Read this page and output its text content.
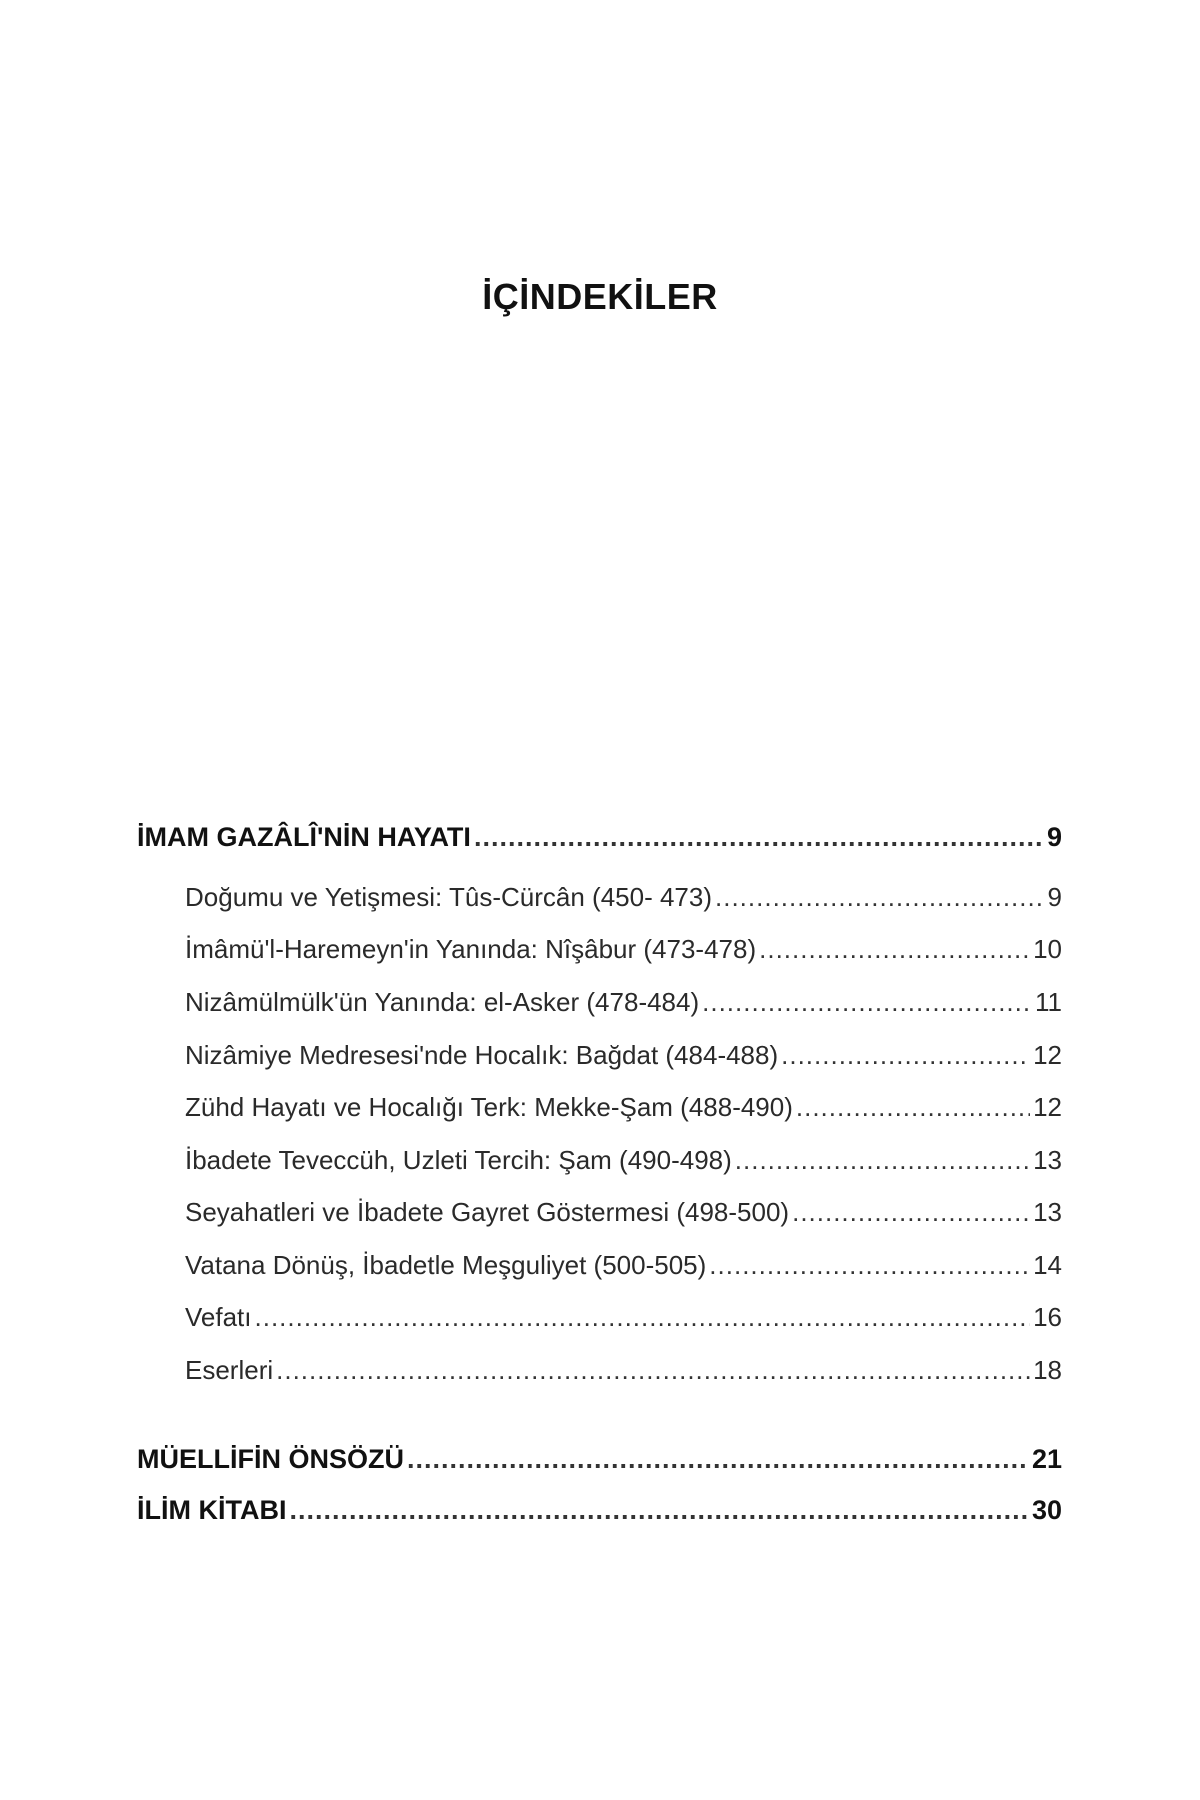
İÇİNDEKİLER
İMAM GAZÂLÎ'NİN HAYATI .....	9
Doğumu ve Yetişmesi: Tûs-Cürcân (450- 473) .....	9
İmâmü'l-Haremeyn'in Yanında: Nîşâbur (473-478) .....	10
Nizâmülmülk'ün Yanında: el-Asker (478-484) .....	11
Nizâmiye Medresesi'nde Hocalık: Bağdat (484-488) .....	12
Zühd Hayatı ve Hocalığı Terk: Mekke-Şam (488-490) .....	12
İbadete Teveccüh, Uzleti Tercih: Şam (490-498) .....	13
Seyahatleri ve İbadete Gayret Göstermesi (498-500) .....	13
Vatana Dönüş, İbadetle Meşguliyet (500-505) .....	14
Vefatı .....	16
Eserleri .....	18
MÜELLİFİN ÖNSÖZÜ .....	21
İLİM KİTABI .....	30
